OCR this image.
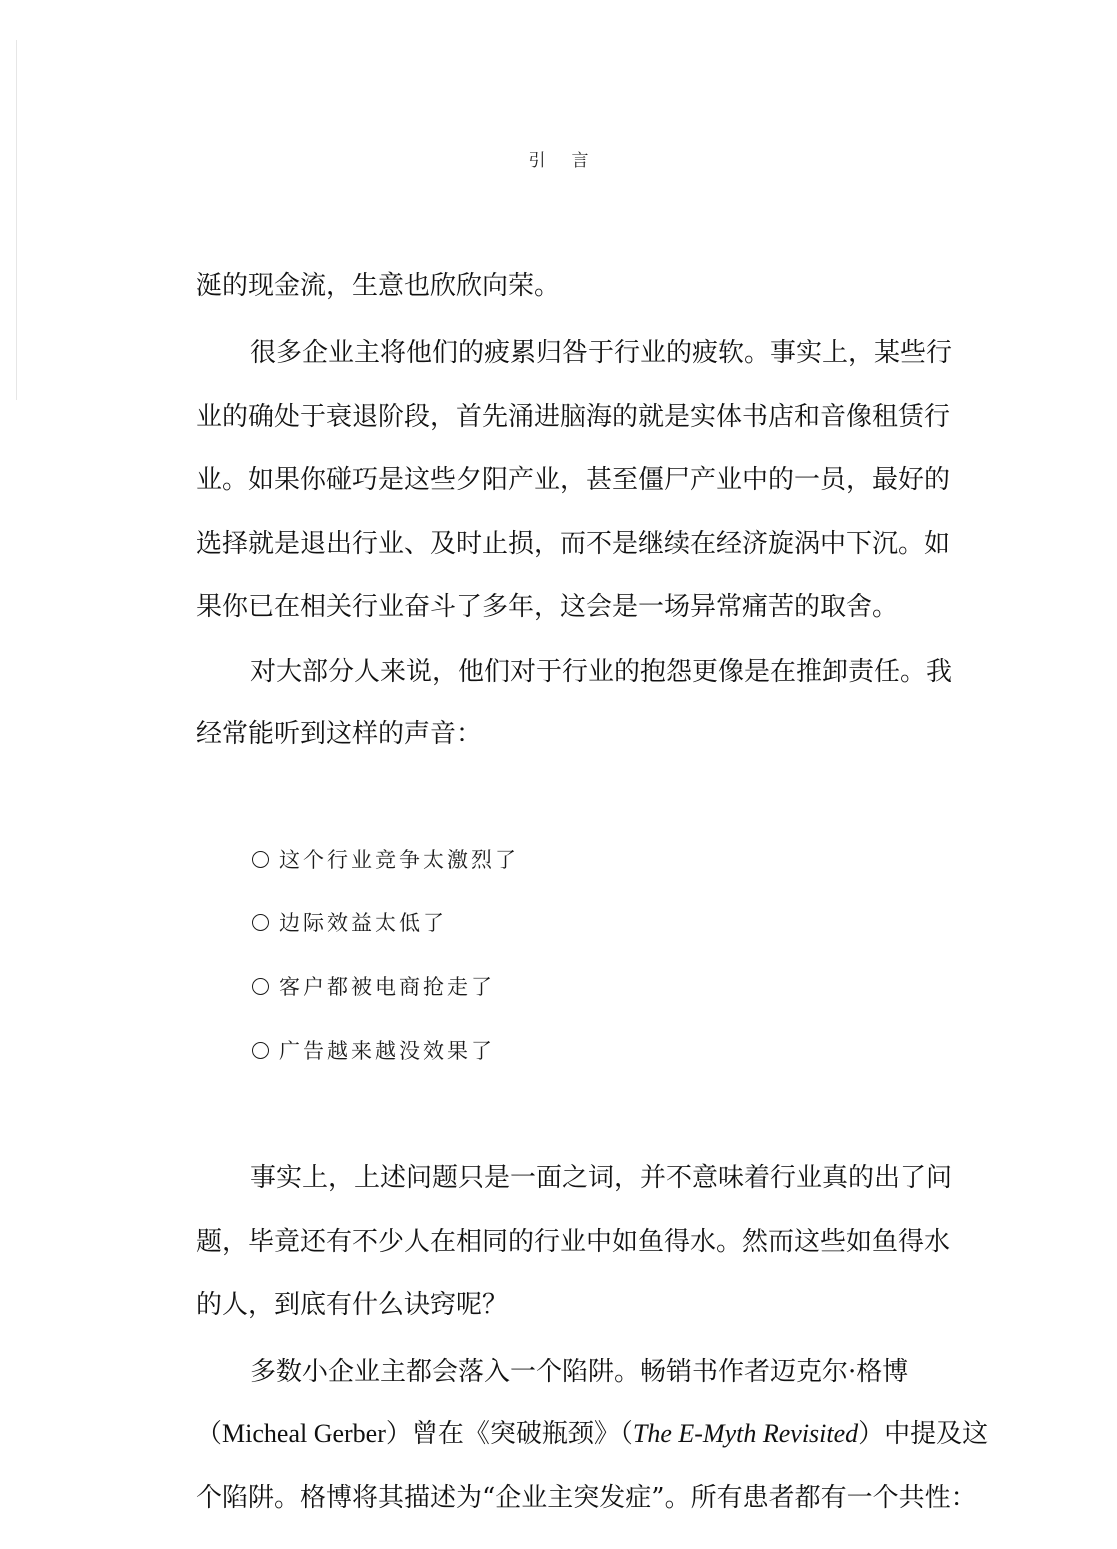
引言
涎的现金流，生意也欣欣向荣。
很多企业主将他们的疲累归咎于行业的疲软。事实上，某些行
业的确处于衰退阶段，首先涌进脑海的就是实体书店和音像租赁行
业。如果你碰巧是这些夕阳产业，甚至僵尸产业中的一员，最好的
选择就是退出行业、及时止损，而不是继续在经济旋涡中下沉。如
果你已在相关行业奋斗了多年，这会是一场异常痛苦的取舍。
对大部分人来说，他们对于行业的抱怨更像是在推卸责任。我
经常能听到这样的声音：
这个行业竞争太激烈了
边际效益太低了
客户都被电商抢走了
广告越来越没效果了
事实上，上述问题只是一面之词，并不意味着行业真的出了问
题，毕竟还有不少人在相同的行业中如鱼得水。然而这些如鱼得水
的人，到底有什么诀窍呢？
多数小企业主都会落入一个陷阱。畅销书作者迈克尔·格博
（Micheal Gerber）曾在《突破瓶颈》（The E-Myth Revisited）中提及这
个陷阱。格博将其描述为“企业主突发症”。所有患者都有一个共性：
